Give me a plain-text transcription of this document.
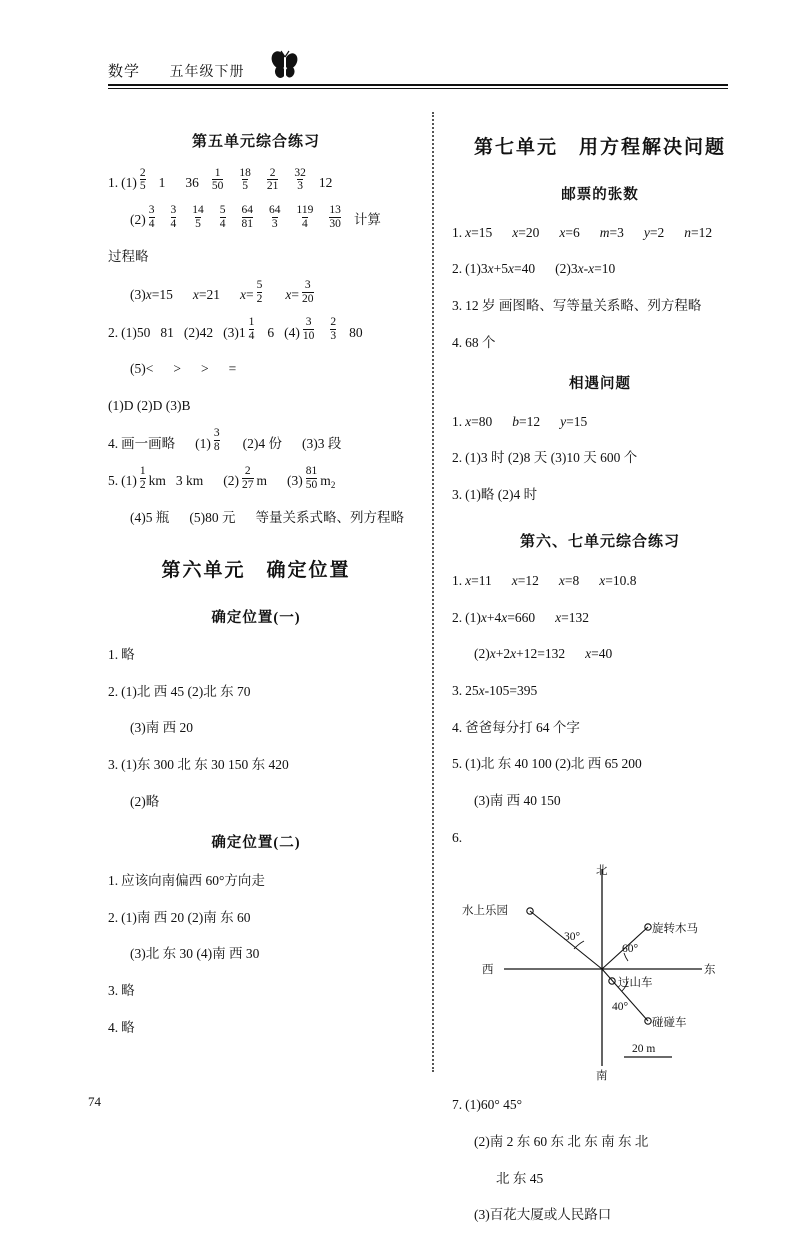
数学 五年级下册
第五单元综合练习
1. $(1) \frac{2}{5} 1$ $36 \frac{1}{50} \frac{18}{5} \frac{2}{21} \frac{32}{3} 12$
$(2) \frac{3}{4} \frac{3}{4} \frac{14}{5} \frac{5}{4} \frac{64}{81} \frac{64}{3} \frac{119}{4} \frac{13}{30}$ 计算
过程略
(3) x =15 x =21 $x = \frac{5}{2}$ $x = \frac{3}{20}$
2. (1)50 81 (2)42 $(3)1 \frac{1}{4} 6$ $(4) \frac{3}{10} \frac{2}{3} 80$
(5)< > > =
(1)D (2)D (3)B
4. 画一画略 $(1) \frac{3}{8} (2)4$ 份 (3)3 段
5. $(1) \frac{1}{2}$ km 3 km
$(2) \frac{2}{27}$ m
$(3) \frac{81}{50}$ m 2
(4)5 瓶 (5)80 元 等量关系式略、列方程略
第六单元　确定位置
确定位置(一)
1. 略
2. (1)北 西 45 (2)北 东 70
(3)南 西 20
3. (1)东 300 北 东 30 150 东 420
(2)略
确定位置(二)
1. 应该向南偏西 60°方向走
2. (1)南 西 20 (2)南 东 60
(3)北 东 30 (4)南 西 30
3. 略
4. 略
第七单元　用方程解决问题
邮票的张数
1. x =15 x =20 x =6 m =3 y =2 n =12
2. (1)3 x +5 x =40 (2)3 x - x =10
3. 12 岁 画图略、写等量关系略、列方程略
4. 68 个
相遇问题
1. x =80 b =12 y =15
2. (1)3 时 (2)8 天 (3)10 天 600 个
3. (1)略 (2)4 时
第六、七单元综合练习
1. x =11 x =12 x =8 x =10.8
2. (1) x +4 x =660 x =132
(2) x +2 x +12=132 x =40
3. 25 x -105=395
4. 爸爸每分打 64 个字
5. (1)北 东 40 100 (2)北 西 65 200
(3)南 西 40 150
6.
北
南
东
西
水上乐园
旋转木马
过山车
碰碰车
30°
60°
40°
20 m
7. (1)60° 45°
(2)南 2 东 60 东 北 东 南 东 北
北 东 45
(3)百花大厦或人民路口
74
